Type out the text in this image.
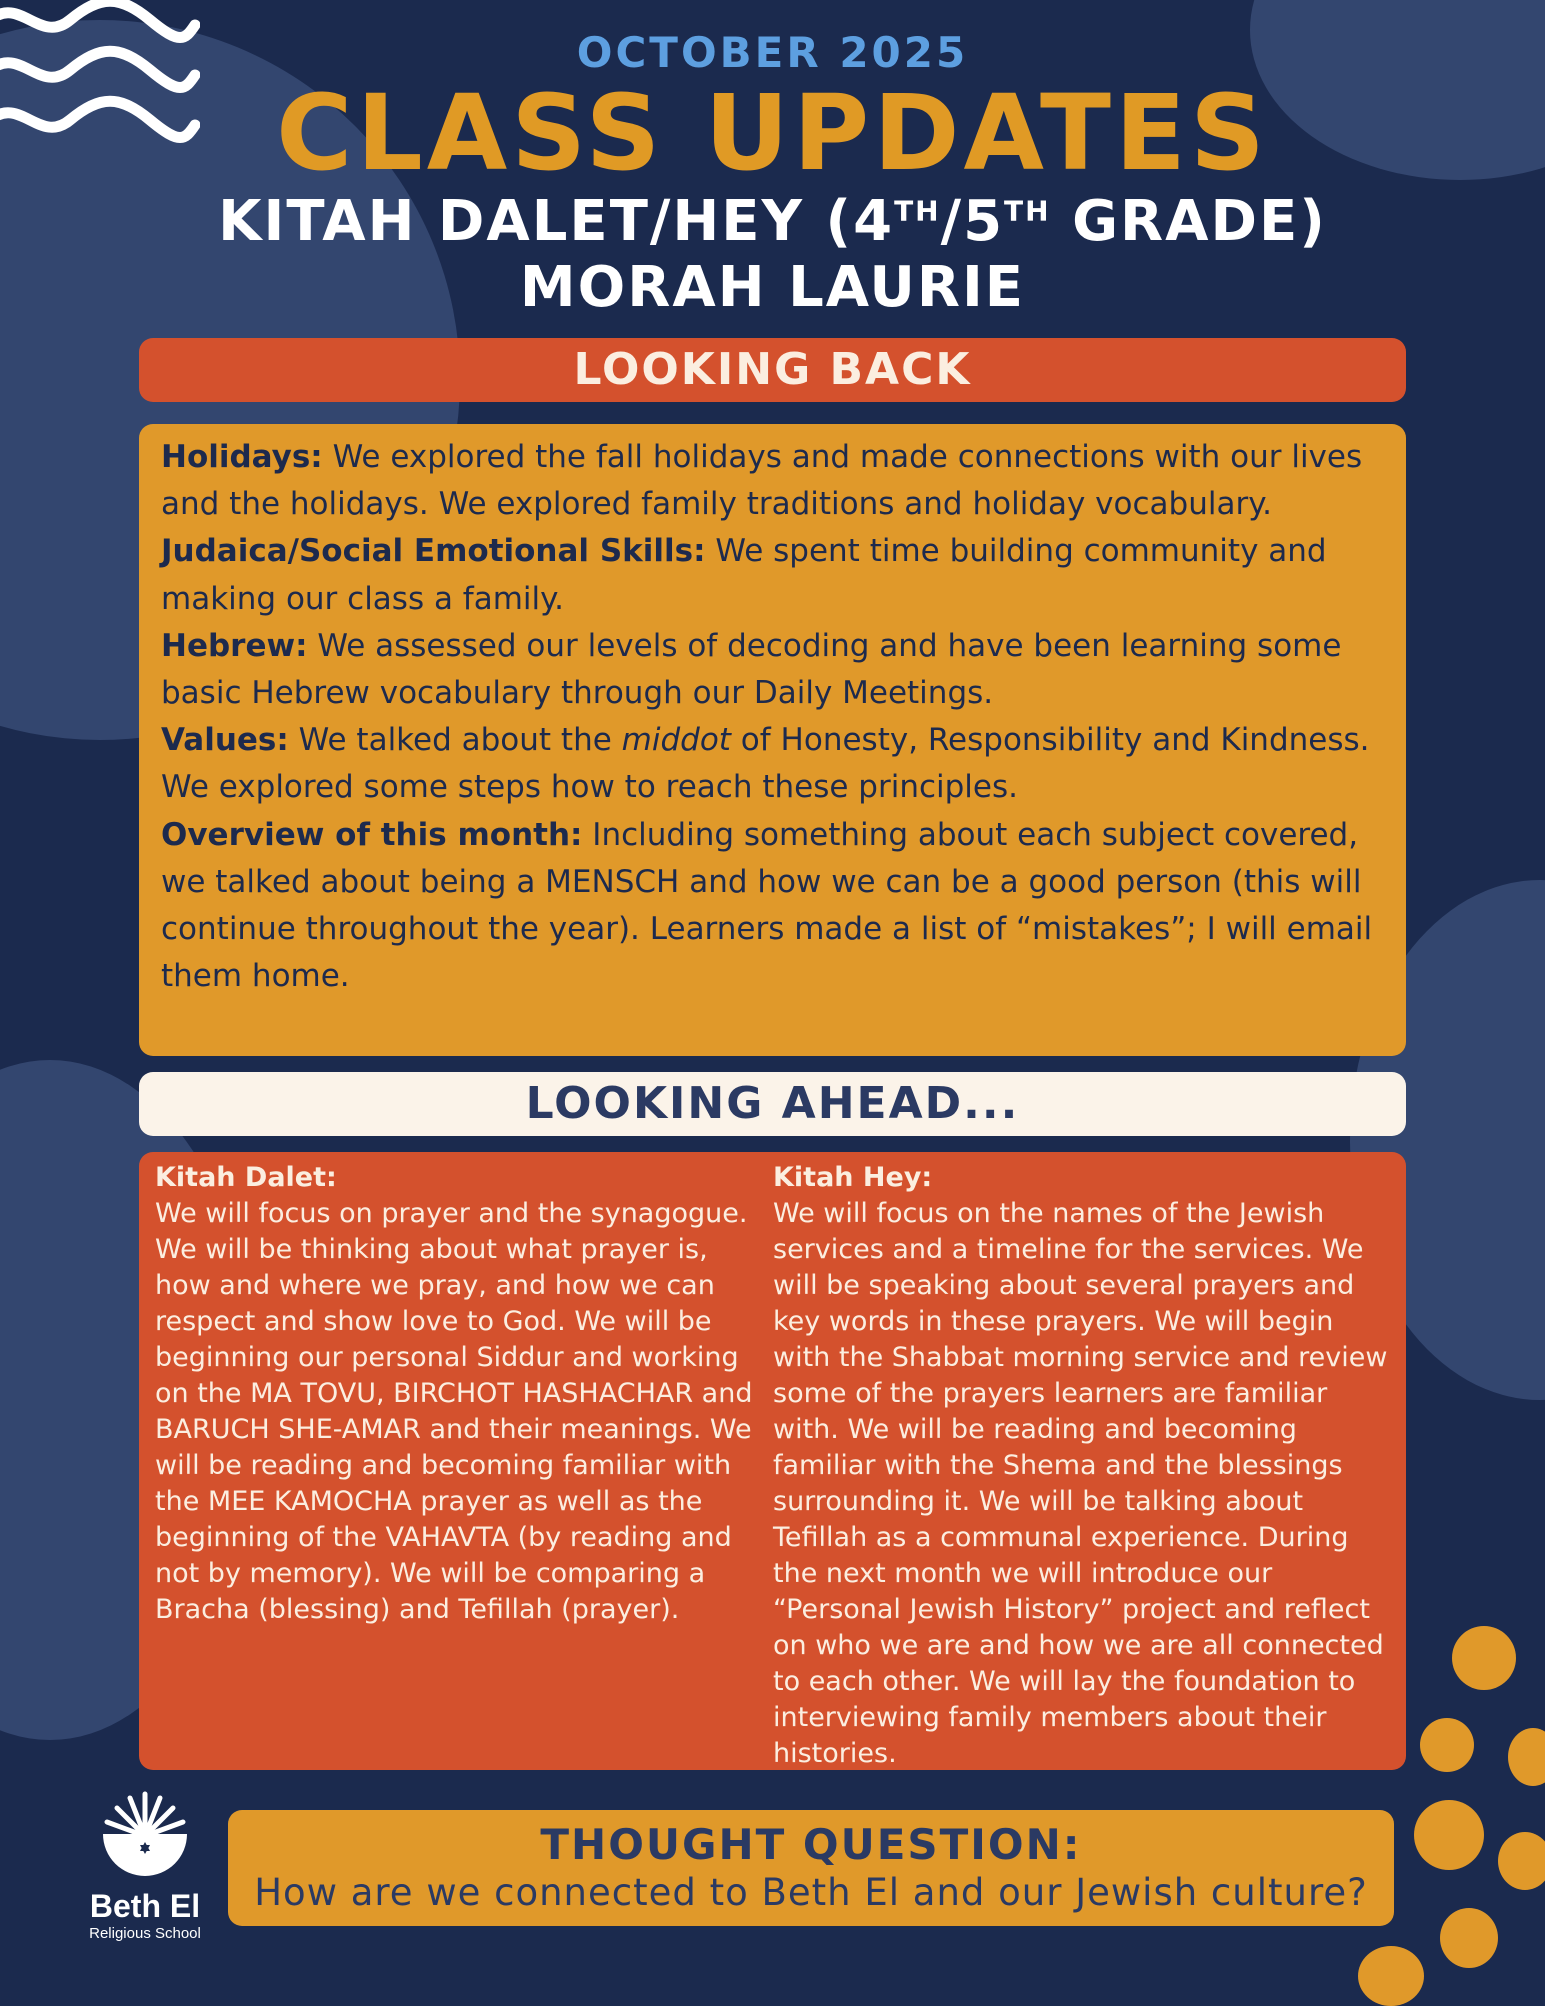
OCTOBER 2025
CLASS UPDATES
KITAH DALET/HEY (4TH/5TH GRADE)
MORAH LAURIE
LOOKING BACK

Holidays: We explored the fall holidays and made connections with our lives and the holidays. We explored family traditions and holiday vocabulary.

Judaica/Social Emotional Skills: We spent time building community and making our class a family.

Hebrew: We assessed our levels of decoding and have been learning some basic Hebrew vocabulary through our Daily Meetings.

Values: We talked about the middot of Honesty, Responsibility and Kindness. We explored some steps how to reach these principles.

Overview of this month: Including something about each subject covered, we talked about being a MENSCH and how we can be a good person (this will continue throughout the year). Learners made a list of “mistakes”; I will email them home.

LOOKING AHEAD...
Kitah Dalet:

We will focus on prayer and the synagogue. We will be thinking about what prayer is, how and where we pray, and how we can respect and show love to God. We will be beginning our personal Siddur and working on the MA TOVU, BIRCHOT HASHACHAR and BARUCH SHE-AMAR and their meanings. We will be reading and becoming familiar with the MEE KAMOCHA prayer as well as the beginning of the VAHAVTA (by reading and not by memory). We will be comparing a Bracha (blessing) and Tefillah (prayer).

Kitah Hey:

We will focus on the names of the Jewish services and a timeline for the services. We will be speaking about several prayers and key words in these prayers. We will begin with the Shabbat morning service and review some of the prayers learners are familiar with. We will be reading and becoming familiar with the Shema and the blessings surrounding it. We will be talking about Tefillah as a communal experience. During the next month we will introduce our “Personal Jewish History” project and reflect on who we are and how we are all connected to each other. We will lay the foundation to interviewing family members about their histories.

Beth El
Religious School
THOUGHT QUESTION:
How are we connected to Beth El and our Jewish culture?
